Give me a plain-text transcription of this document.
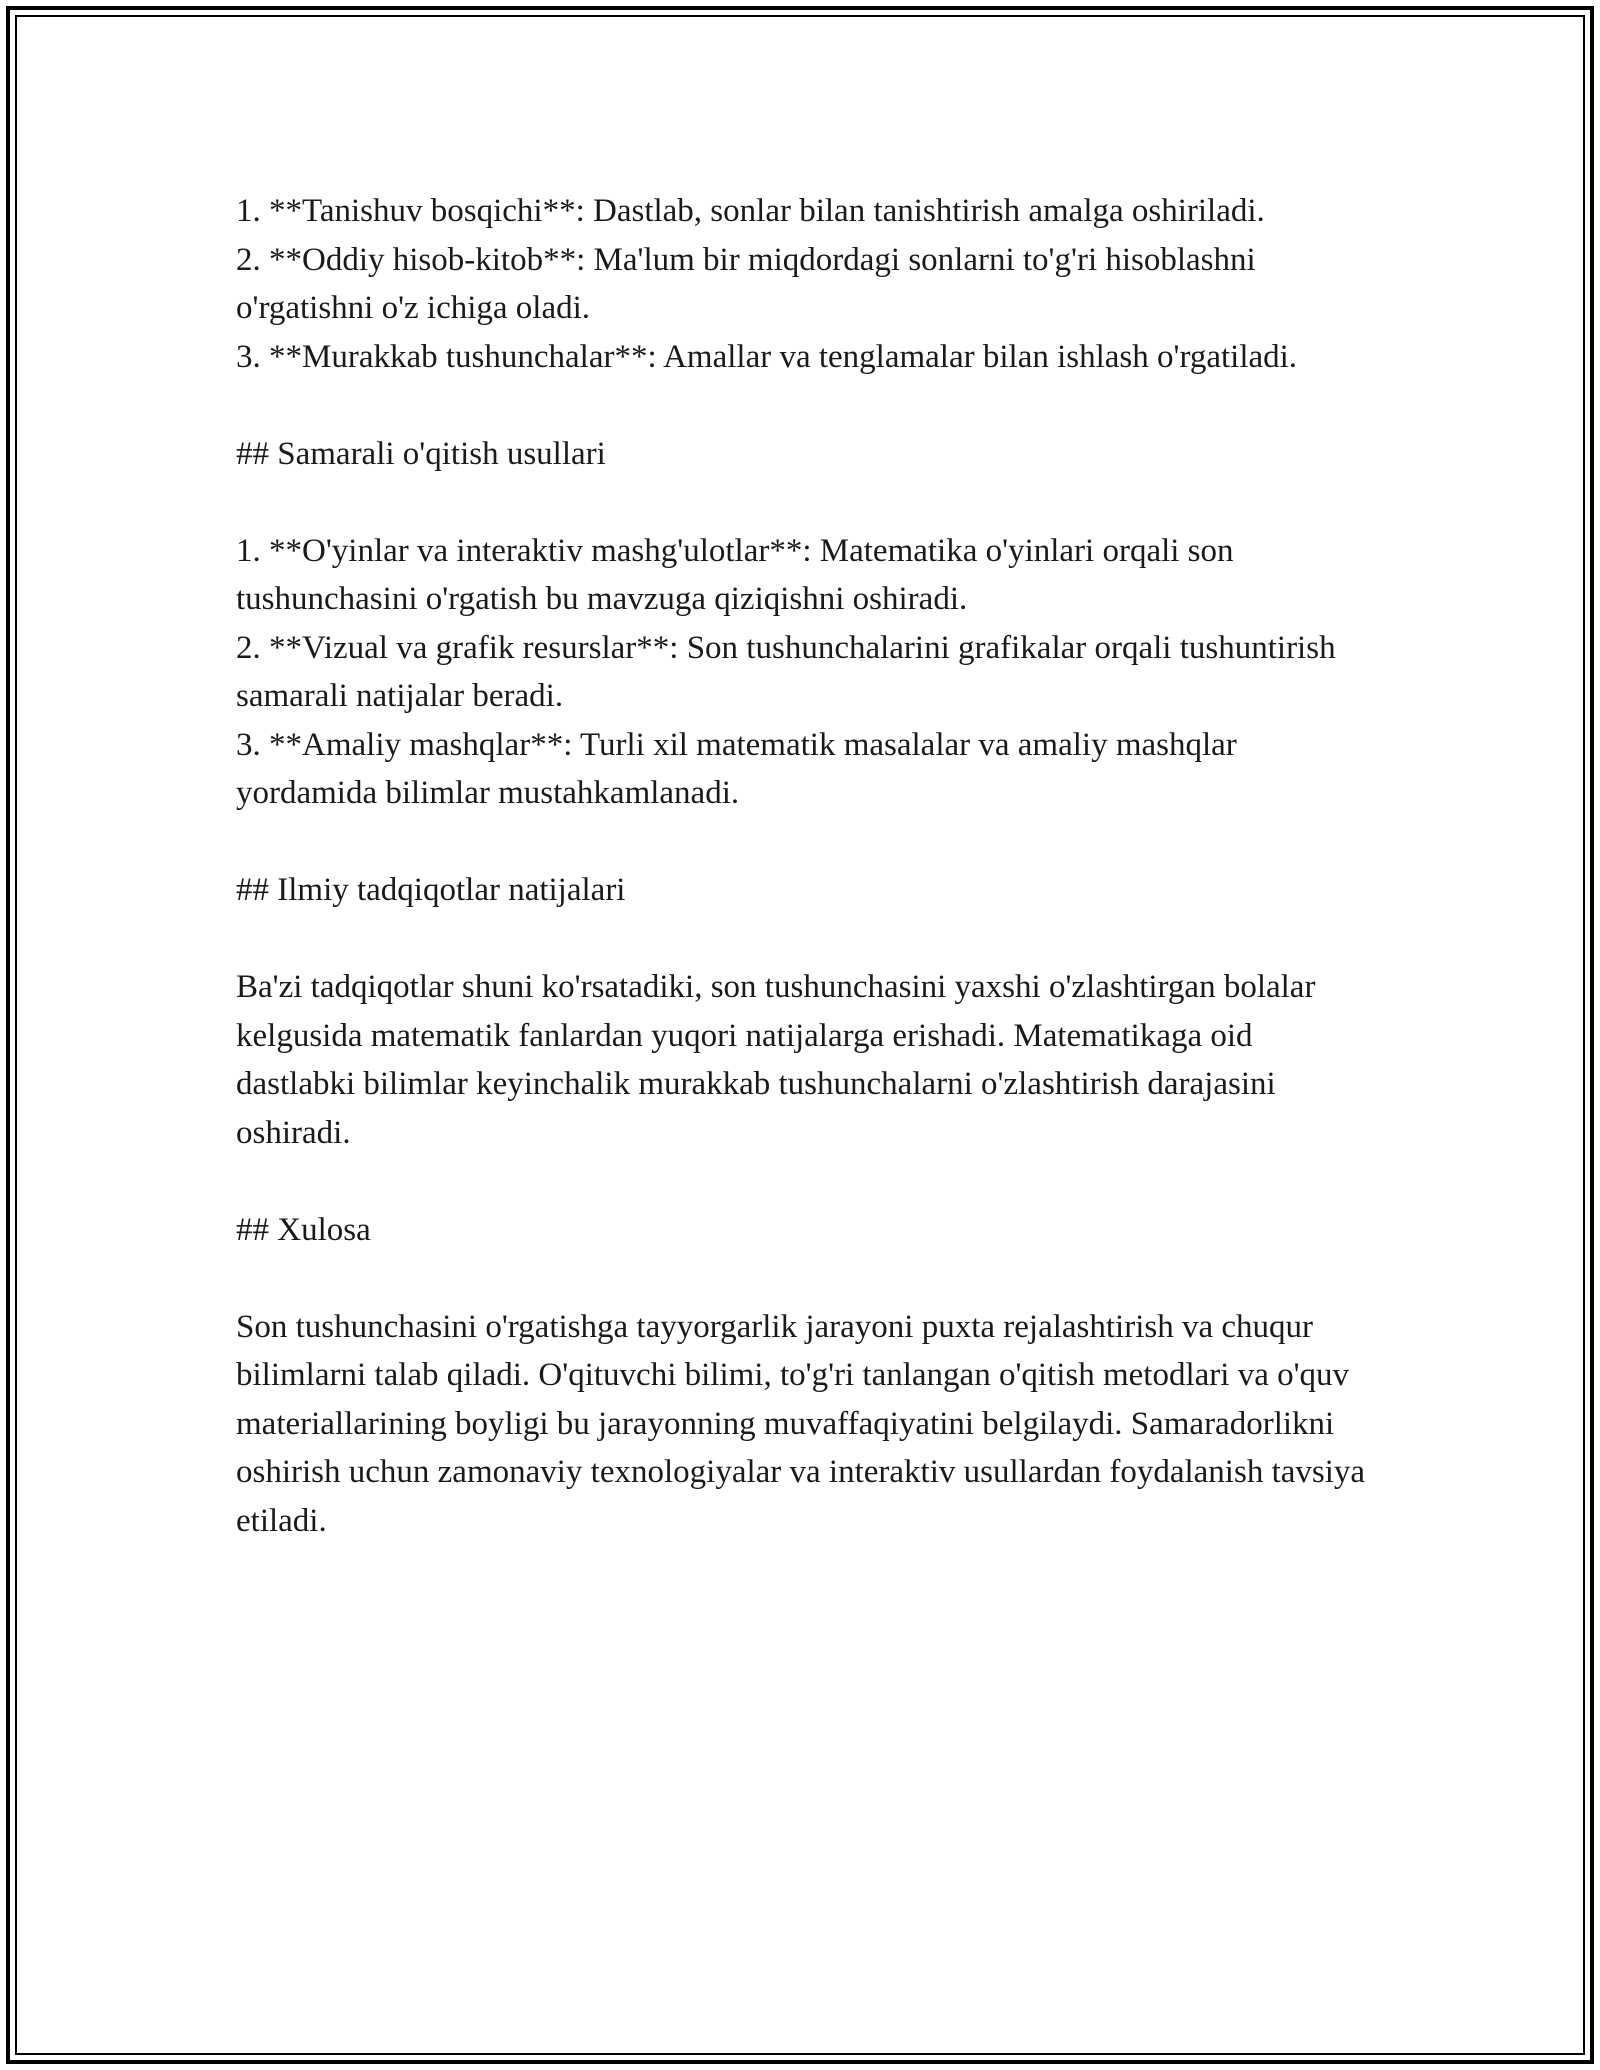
1. **Tanishuv bosqichi**: Dastlab, sonlar bilan tanishtirish amalga oshiriladi.

2. **Oddiy hisob-kitob**: Ma'lum bir miqdordagi sonlarni to'g'ri hisoblashni o'rgatishni o'z ichiga oladi.

3. **Murakkab tushunchalar**: Amallar va tenglamalar bilan ishlash o'rgatiladi.

## Samarali o'qitish usullari

1. **O'yinlar va interaktiv mashg'ulotlar**: Matematika o'yinlari orqali son tushunchasini o'rgatish bu mavzuga qiziqishni oshiradi.

2. **Vizual va grafik resurslar**: Son tushunchalarini grafikalar orqali tushuntirish samarali natijalar beradi.

3. **Amaliy mashqlar**: Turli xil matematik masalalar va amaliy mashqlar yordamida bilimlar mustahkamlanadi.

## Ilmiy tadqiqotlar natijalari

Ba'zi tadqiqotlar shuni ko'rsatadiki, son tushunchasini yaxshi o'zlashtirgan bolalar kelgusida matematik fanlardan yuqori natijalarga erishadi. Matematikaga oid dastlabki bilimlar keyinchalik murakkab tushunchalarni o'zlashtirish darajasini oshiradi.

## Xulosa

Son tushunchasini o'rgatishga tayyorgarlik jarayoni puxta rejalashtirish va chuqur bilimlarni talab qiladi. O'qituvchi bilimi, to'g'ri tanlangan o'qitish metodlari va o'quv materiallarining boyligi bu jarayonning muvaffaqiyatini belgilaydi. Samaradorlikni oshirish uchun zamonaviy texnologiyalar va interaktiv usullardan foydalanish tavsiya etiladi.
